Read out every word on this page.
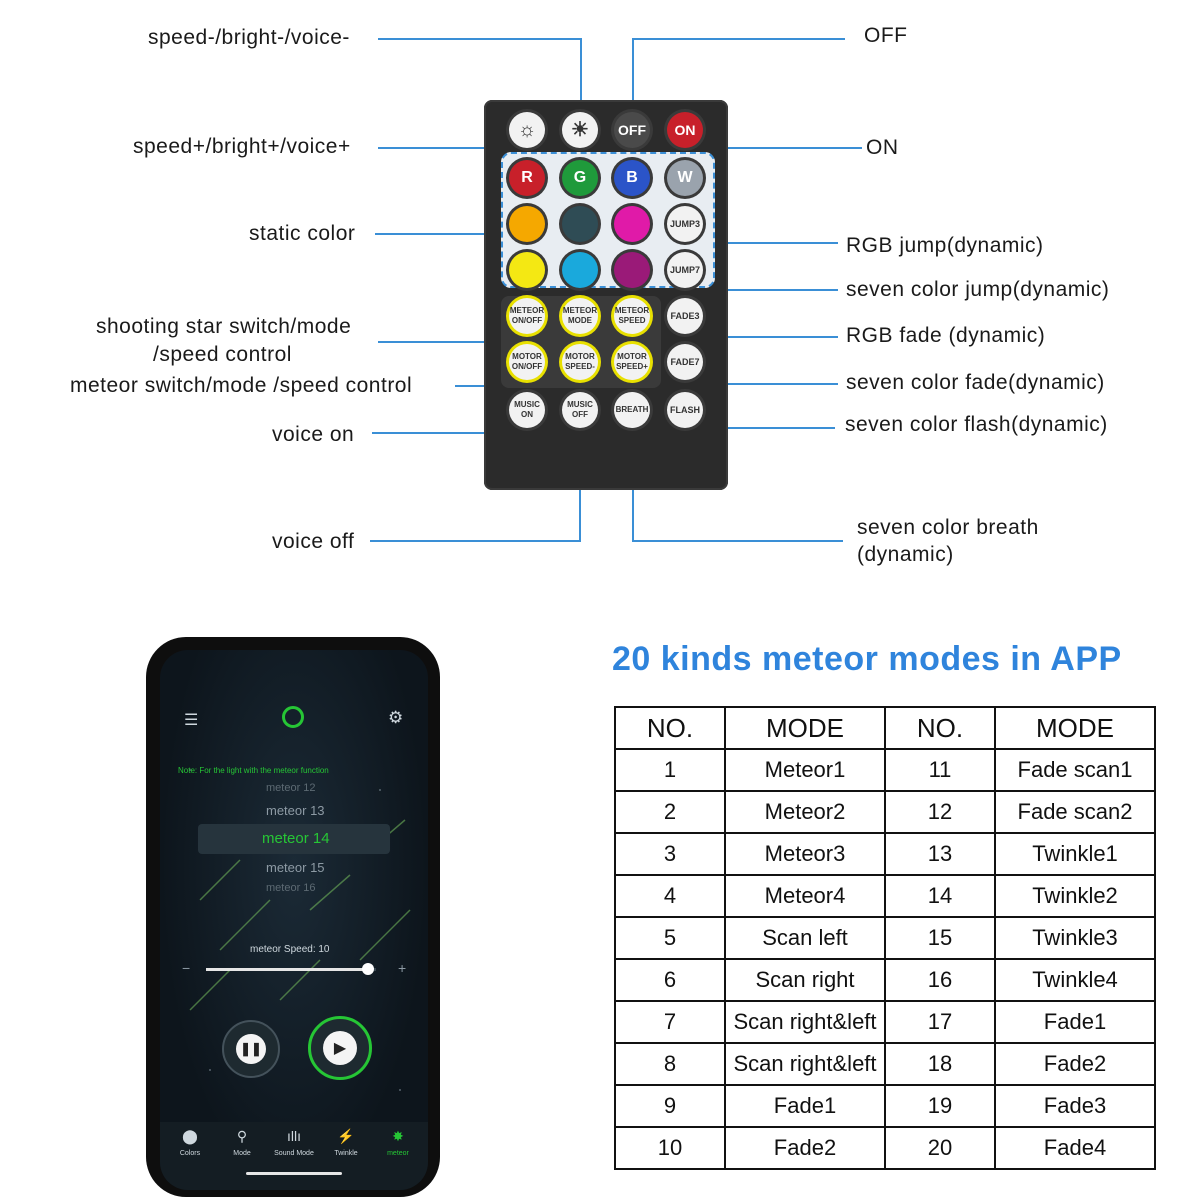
speed-/bright-/voice-
speed+/bright+/voice+
static color
shooting star switch/mode
/speed control
meteor switch/mode /speed control
voice on
voice off
OFF
ON
RGB jump(dynamic)
seven color jump(dynamic)
RGB fade (dynamic)
seven color fade(dynamic)
seven color flash(dynamic)
seven color breath
(dynamic)
☼ ☀ OFF	ON
R	G	B	W
JUMP3
JUMP7
METEOR ON/OFF
METEOR MODE
METEOR SPEED	FADE3
MOTOR ON/OFF
MOTOR SPEED-
MOTOR SPEED+	FADE7
MUSIC ON
MUSIC OFF
BREATH	FLASH
☰	⚙
Note: For the light with the meteor function
meteor 12
meteor 13
meteor 14
meteor 15
meteor 16
meteor Speed: 10
−	+
❚❚	▶
⬤
Colors
⚲
Mode
ıllı
Sound Mode
⚡
Twinkle
✸
meteor
20 kinds meteor modes in APP
NO.	MODE	NO.	MODE
1	Meteor1	11	Fade scan1
2	Meteor2	12	Fade scan2
3	Meteor3	13	Twinkle1
4	Meteor4	14	Twinkle2
5	Scan left	15	Twinkle3
6	Scan right	16	Twinkle4
7	Scan right&left	17	Fade1
8	Scan right&left	18	Fade2
9	Fade1	19	Fade3
10	Fade2	20	Fade4
